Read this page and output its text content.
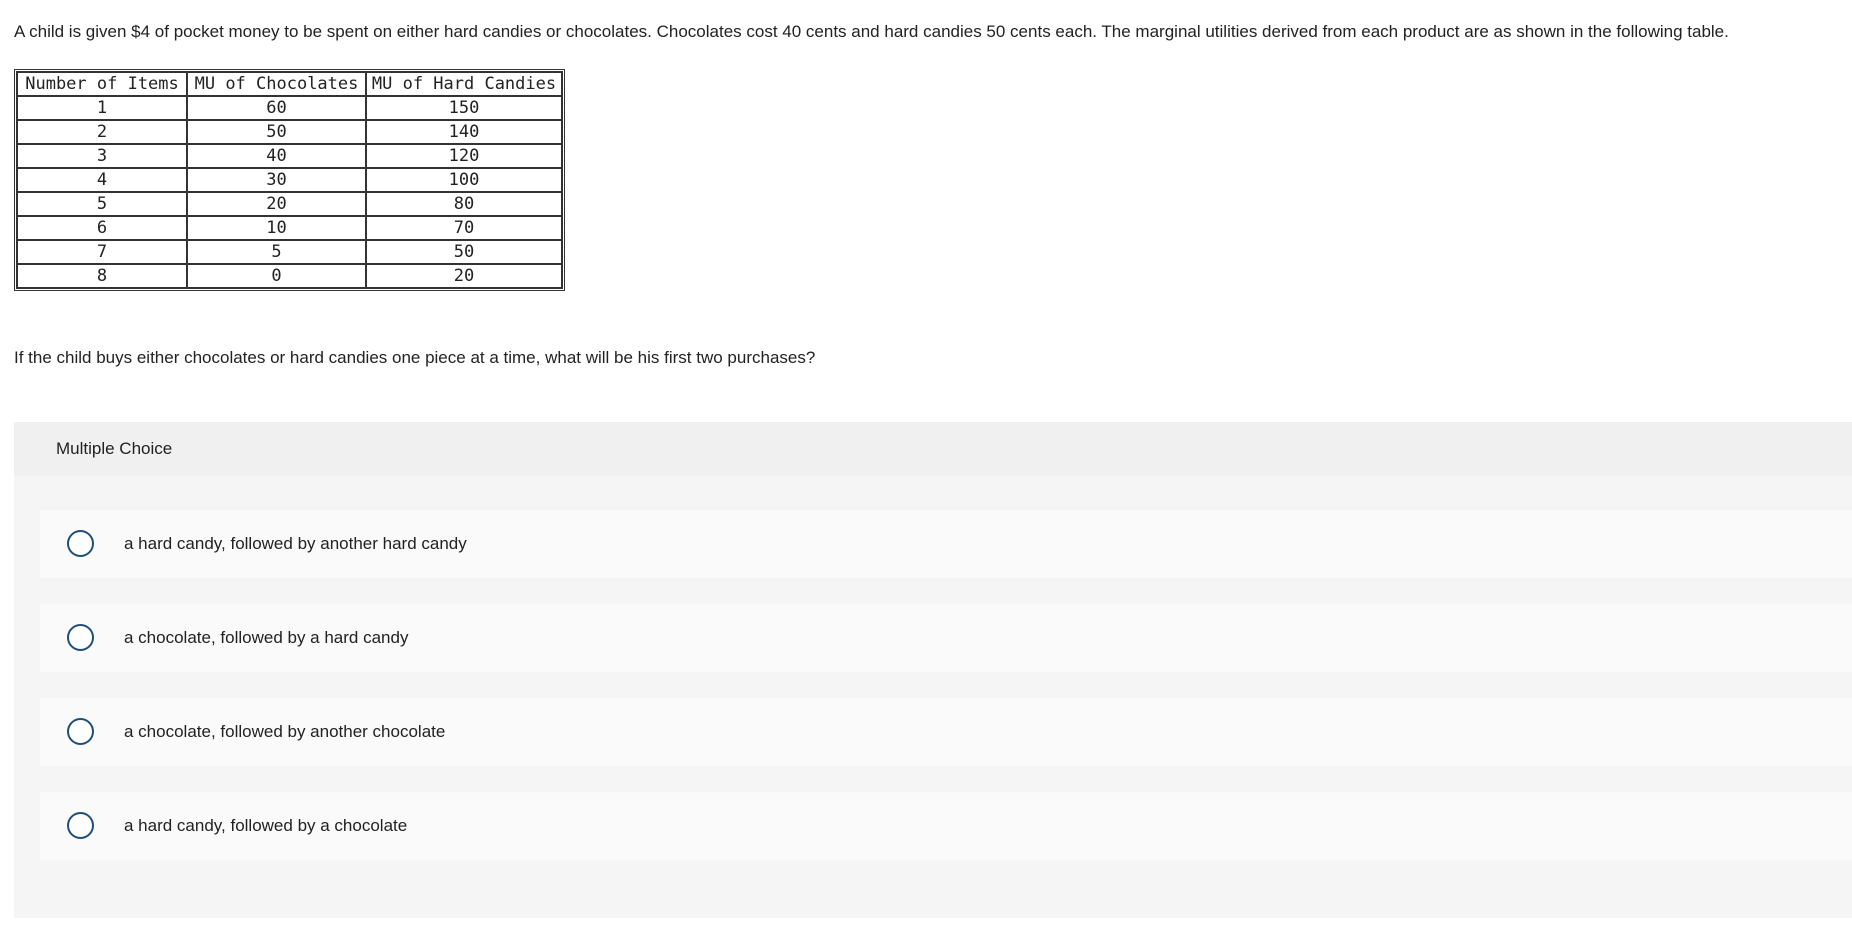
A child is given $4 of pocket money to be spent on either hard candies or chocolates. Chocolates cost 40 cents and hard candies 50 cents each. The marginal utilities derived from each product are as shown in the following table.
Number of Items	MU of Chocolates	MU of Hard Candies
1	60	150
2	50	140
3	40	120
4	30	100
5	20	80
6	10	70
7	5	50
8	0	20
If the child buys either chocolates or hard candies one piece at a time, what will be his first two purchases?
Multiple Choice
a hard candy, followed by another hard candy
a chocolate, followed by a hard candy
a chocolate, followed by another chocolate
a hard candy, followed by a chocolate
